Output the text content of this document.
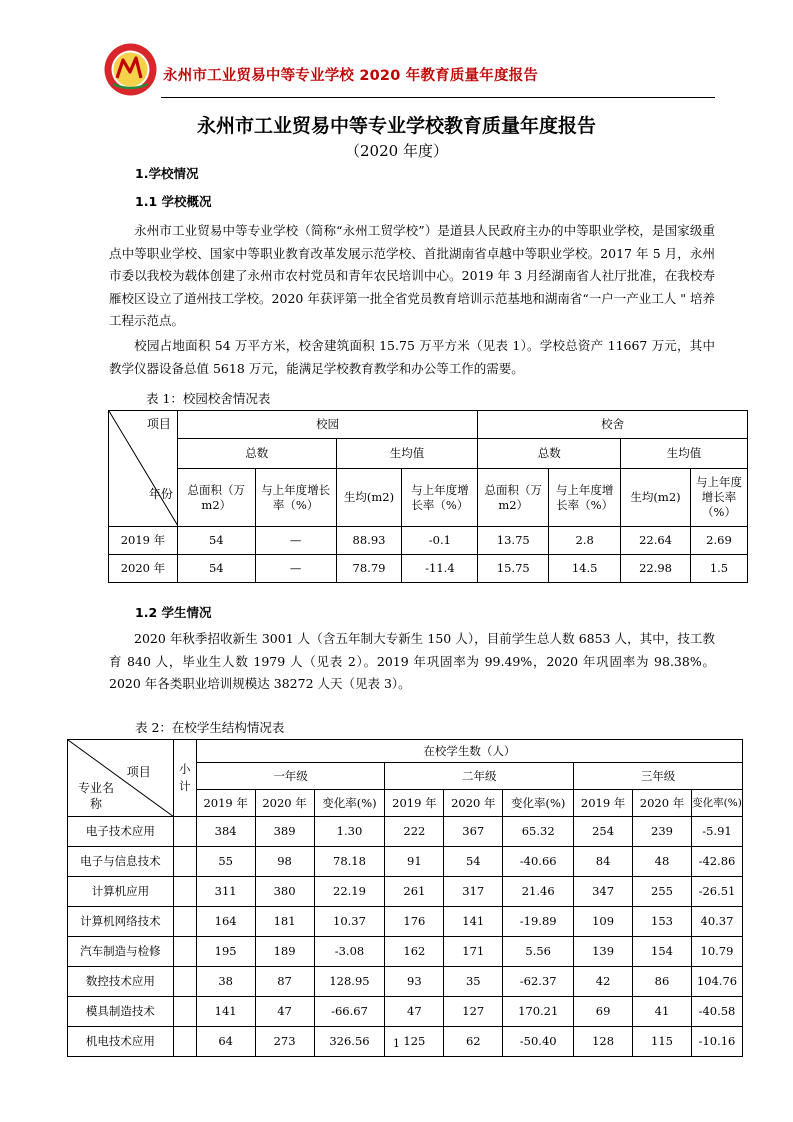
永州市工业贸易中等专业学校 2020 年教育质量年度报告
永州市工业贸易中等专业学校教育质量年度报告
（2020 年度）
1.学校情况
1.1 学校概况

永州市工业贸易中等专业学校（简称“永州工贸学校”）是道县人民政府主办的中等职业学校，是国家级重点中等职业学校、国家中等职业教育改革发展示范学校、首批湖南省卓越中等职业学校。2017 年 5 月，永州市委以我校为载体创建了永州市农村党员和青年农民培训中心。2019 年 3 月经湖南省人社厅批准，在我校寿雁校区设立了道州技工学校。2020 年获评第一批全省党员教育培训示范基地和湖南省“一户一产业工人 " 培养工程示范点。

校园占地面积 54 万平方米，校舍建筑面积 15.75 万平方米（见表 1）。学校总资产 11667 万元，其中教学仪器设备总值 5618 万元，能满足学校教育教学和办公等工作的需要。

表 1：校园校舍情况表
项目
年份	校园				校舍			
	总数		生均值		总数		生均值	
	总面积（万 m2）	与上年度增长率（%）	生均(m2)	与上年度增长率（%）	总面积（万 m2）	与上年度增长率（%）	生均(m2)	与上年度增长率（%）
2019 年	54	—	88.93	-0.1	13.75	2.8	22.64	2.69
2020 年	54	—	78.79	-11.4	15.75	14.5	22.98	1.5
1.2 学生情况

2020 年秋季招收新生 3001 人（含五年制大专新生 150 人），目前学生总人数 6853 人，其中，技工教育 840 人，毕业生人数 1979 人（见表 2）。2019 年巩固率为 99.49%，2020 年巩固率为 98.38%。2020 年各类职业培训规模达 38272 人天（见表 3）。

表 2：在校学生结构情况表
项目
专业名称	小计	在校学生数（人）								
		一年级			二年级			三年级		
		2019 年	2020 年	变化率(%)	2019 年	2020 年	变化率(%)	2019 年	2020 年	变化率(%)
电子技术应用		384	389	1.30	222	367	65.32	254	239	-5.91
电子与信息技术		55	98	78.18	91	54	-40.66	84	48	-42.86
计算机应用		311	380	22.19	261	317	21.46	347	255	-26.51
计算机网络技术		164	181	10.37	176	141	-19.89	109	153	40.37
汽车制造与检修		195	189	-3.08	162	171	5.56	139	154	10.79
数控技术应用		38	87	128.95	93	35	-62.37	42	86	104.76
模具制造技术		141	47	-66.67	47	127	170.21	69	41	-40.58
机电技术应用		64	273	326.56	125	62	-50.40	128	115	-10.16
1
